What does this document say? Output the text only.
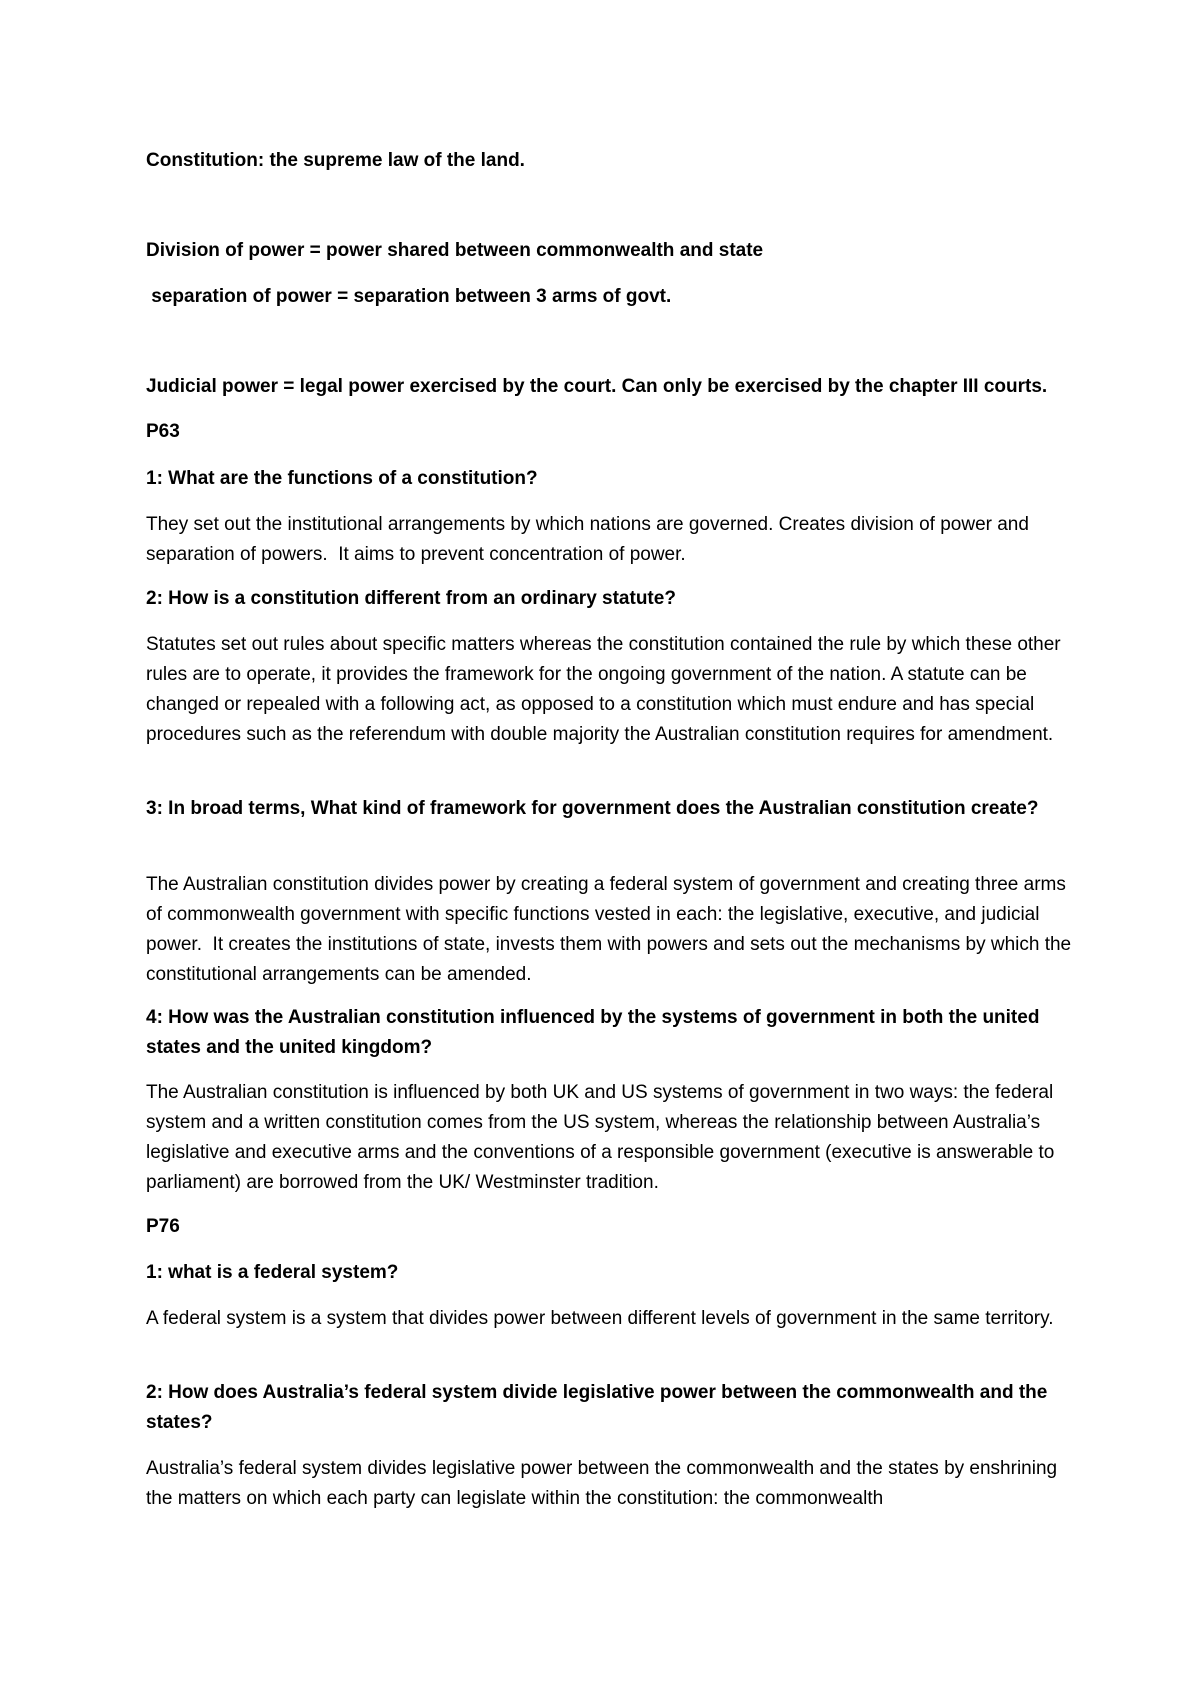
Constitution: the supreme law of the land.

Division of power = power shared between commonwealth and state

separation of power = separation between 3 arms of govt.

Judicial power = legal power exercised by the court. Can only be exercised by the chapter III courts.

P63

1: What are the functions of a constitution?

They set out the institutional arrangements by which nations are governed. Creates division of power and separation of powers.  It aims to prevent concentration of power.

2: How is a constitution different from an ordinary statute?

Statutes set out rules about specific matters whereas the constitution contained the rule by which these other rules are to operate, it provides the framework for the ongoing government of the nation. A statute can be changed or repealed with a following act, as opposed to a constitution which must endure and has special procedures such as the referendum with double majority the Australian constitution requires for amendment.

3: In broad terms, What kind of framework for government does the Australian constitution create?

The Australian constitution divides power by creating a federal system of government and creating three arms of commonwealth government with specific functions vested in each: the legislative, executive, and judicial power.  It creates the institutions of state, invests them with powers and sets out the mechanisms by which the constitutional arrangements can be amended.

4: How was the Australian constitution influenced by the systems of government in both the united states and the united kingdom?

The Australian constitution is influenced by both UK and US systems of government in two ways: the federal system and a written constitution comes from the US system, whereas the relationship between Australia’s legislative and executive arms and the conventions of a responsible government (executive is answerable to parliament) are borrowed from the UK/ Westminster tradition.

P76

1: what is a federal system?

A federal system is a system that divides power between different levels of government in the same territory.

2: How does Australia’s federal system divide legislative power between the commonwealth and the states?

Australia’s federal system divides legislative power between the commonwealth and the states by enshrining the matters on which each party can legislate within the constitution: the commonwealth
